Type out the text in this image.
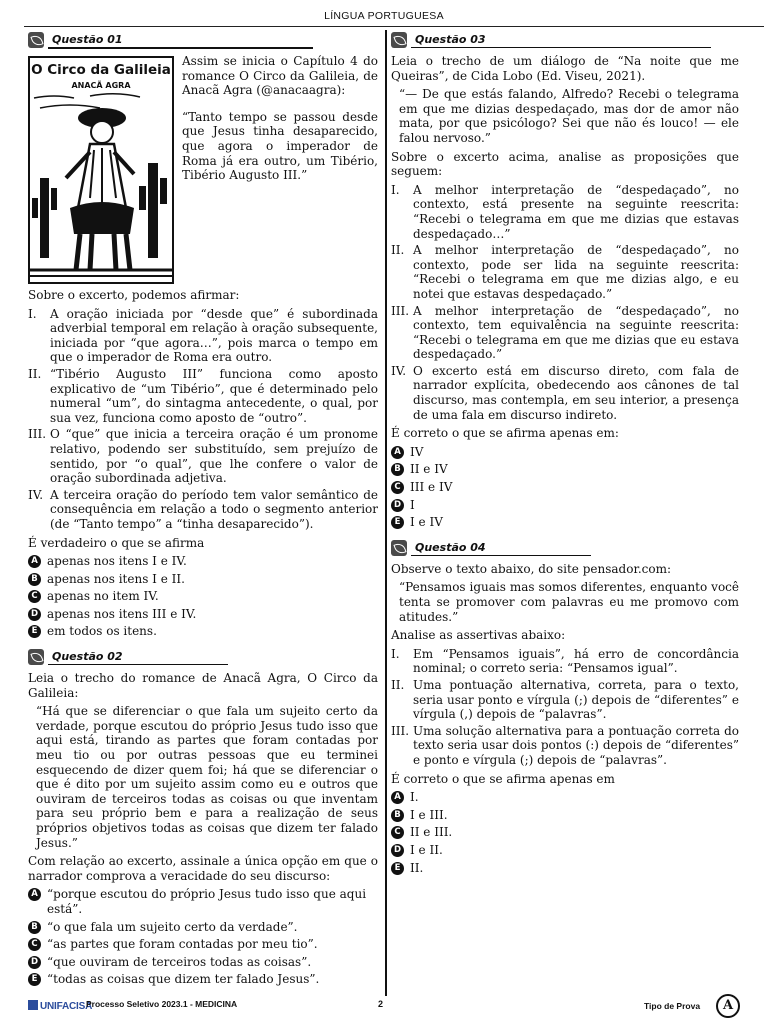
LÍNGUA PORTUGUESA
Questão 01
O Circo da Galileia
ANACÃ AGRA

Assim se inicia o Capítulo 4 do romance O Circo da Galileia, de Anacã Agra (@anacaagra):

“Tanto tempo se passou desde que Jesus tinha desaparecido, que agora o imperador de Roma já era outro, um Tibério, Tibério Augusto III.”

Sobre o excerto, podemos afirmar:

I.	A oração iniciada por “desde que” é subordinada adverbial temporal em relação à oração subsequente, iniciada por “que agora…”, pois marca o tempo em que o imperador de Roma era outro.
II. “Tibério Augusto III” funciona como aposto explicativo de “um Tibério”, que é determinado pelo numeral “um”, do sintagma antecedente, o qual, por sua vez, funciona como aposto de “outro”.
III. O “que” que inicia a terceira oração é um pronome relativo, podendo ser substituído, sem prejuízo de sentido, por “o qual”, que lhe confere o valor de oração subordinada adjetiva.
IV. A terceira oração do período tem valor semântico de consequência em relação a todo o segmento anterior (de “Tanto tempo” a “tinha desaparecido”).

É verdadeiro o que se afirma

A apenas nos itens I e IV.
B apenas nos itens I e II.
C apenas no item IV.
D apenas nos itens III e IV.
E em todos os itens.
Questão 02

Leia o trecho do romance de Anacã Agra, O Circo da Galileia:

“Há que se diferenciar o que fala um sujeito certo da verdade, porque escutou do próprio Jesus tudo isso que aqui está, tirando as partes que foram contadas por meu tio ou por outras pessoas que eu terminei esquecendo de dizer quem foi; há que se diferenciar o que é dito por um sujeito assim como eu e outros que ouviram de terceiros todas as coisas ou que inventam para seu próprio bem e para a realização de seus próprios objetivos todas as coisas que dizem ter falado Jesus.”

Com relação ao excerto, assinale a única opção em que o narrador comprova a veracidade do seu discurso:

A “porque escutou do próprio Jesus tudo isso que aqui está”.
B “o que fala um sujeito certo da verdade”.
C “as partes que foram contadas por meu tio”.
D “que ouviram de terceiros todas as coisas”.
E “todas as coisas que dizem ter falado Jesus”.
Questão 03

Leia o trecho de um diálogo de “Na noite que me Queiras”, de Cida Lobo (Ed. Viseu, 2021).

“— De que estás falando, Alfredo? Recebi o telegrama em que me dizias despedaçado, mas dor de amor não mata, por que psicólogo? Sei que não és louco! — ele falou nervoso.”

Sobre o excerto acima, analise as proposições que seguem:

I.	A melhor interpretação de “despedaçado”, no contexto, está presente na seguinte reescrita: “Recebi o telegrama em que me dizias que estavas despedaçado…”
II. A melhor interpretação de “despedaçado”, no contexto, pode ser lida na seguinte reescrita: “Recebi o telegrama em que me dizias algo, e eu notei que estavas despedaçado.”
III. A melhor interpretação de “despedaçado”, no contexto, tem equivalência na seguinte reescrita: “Recebi o telegrama em que me dizias que eu estava despedaçado.”
IV. O excerto está em discurso direto, com fala de narrador explícita, obedecendo aos cânones de tal discurso, mas contempla, em seu interior, a presença de uma fala em discurso indireto.

É correto o que se afirma apenas em:

A IV
B II e IV
C III e IV
D I
E I e IV
Questão 04

Observe o texto abaixo, do site pensador.com:

“Pensamos iguais mas somos diferentes, enquanto você tenta se promover com palavras eu me promovo com atitudes.”

Analise as assertivas abaixo:

I.	Em “Pensamos iguais”, há erro de concordância nominal; o correto seria: “Pensamos igual”.
II. Uma pontuação alternativa, correta, para o texto, seria usar ponto e vírgula (;) depois de “diferentes” e vírgula (,) depois de “palavras”.
III. Uma solução alternativa para a pontuação correta do texto seria usar dois pontos (:) depois de “diferentes” e ponto e vírgula (;) depois de “palavras”.

É correto o que se afirma apenas em

A I.
B I e III.
C II e III.
D I e II.
E II.
UNIFACISA
Processo Seletivo 2023.1 - MEDICINA	2	Tipo de Prova	A
